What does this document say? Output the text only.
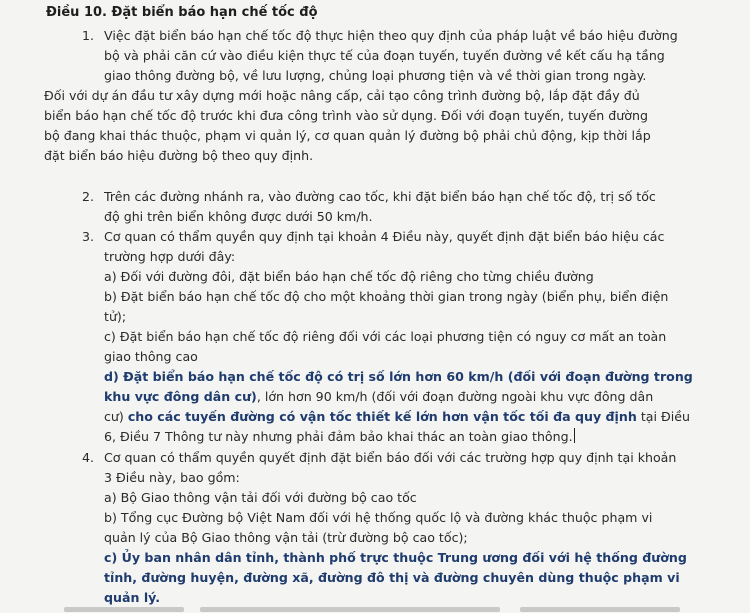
Điều 10. Đặt biển báo hạn chế tốc độ
1. Việc đặt biển báo hạn chế tốc độ thực hiện theo quy định của pháp luật về báo hiệu đường
bộ và phải căn cứ vào điều kiện thực tế của đoạn tuyến, tuyến đường về kết cấu hạ tầng
giao thông đường bộ, về lưu lượng, chủng loại phương tiện và về thời gian trong ngày.
Đối với dự án đầu tư xây dựng mới hoặc nâng cấp, cải tạo công trình đường bộ, lắp đặt đầy đủ
biển báo hạn chế tốc độ trước khi đưa công trình vào sử dụng. Đối với đoạn tuyến, tuyến đường
bộ đang khai thác thuộc, phạm vi quản lý, cơ quan quản lý đường bộ phải chủ động, kịp thời lắp
đặt biển báo hiệu đường bộ theo quy định.
2. Trên các đường nhánh ra, vào đường cao tốc, khi đặt biển báo hạn chế tốc độ, trị số tốc
độ ghi trên biển không được dưới 50 km/h.
3. Cơ quan có thẩm quyền quy định tại khoản 4 Điều này, quyết định đặt biển báo hiệu các
trường hợp dưới đây:
a) Đối với đường đôi, đặt biển báo hạn chế tốc độ riêng cho từng chiều đường
b) Đặt biển báo hạn chế tốc độ cho một khoảng thời gian trong ngày (biển phụ, biển điện
tử);
c) Đặt biển báo hạn chế tốc độ riêng đối với các loại phương tiện có nguy cơ mất an toàn
giao thông cao
d) Đặt biển báo hạn chế tốc độ có trị số lớn hơn 60 km/h (đối với đoạn đường trong
khu vực đông dân cư), lớn hơn 90 km/h (đối với đoạn đường ngoài khu vực đông dân
cư) cho các tuyến đường có vận tốc thiết kế lớn hơn vận tốc tối đa quy định tại Điều
6, Điều 7 Thông tư này nhưng phải đảm bảo khai thác an toàn giao thông.
4. Cơ quan có thẩm quyền quyết định đặt biển báo đối với các trường hợp quy định tại khoản
3 Điều này, bao gồm:
a) Bộ Giao thông vận tải đối với đường bộ cao tốc
b) Tổng cục Đường bộ Việt Nam đối với hệ thống quốc lộ và đường khác thuộc phạm vi
quản lý của Bộ Giao thông vận tải (trừ đường bộ cao tốc);
c) Ủy ban nhân dân tỉnh, thành phố trực thuộc Trung ương đối với hệ thống đường
tỉnh, đường huyện, đường xã, đường đô thị và đường chuyên dùng thuộc phạm vi
quản lý.
